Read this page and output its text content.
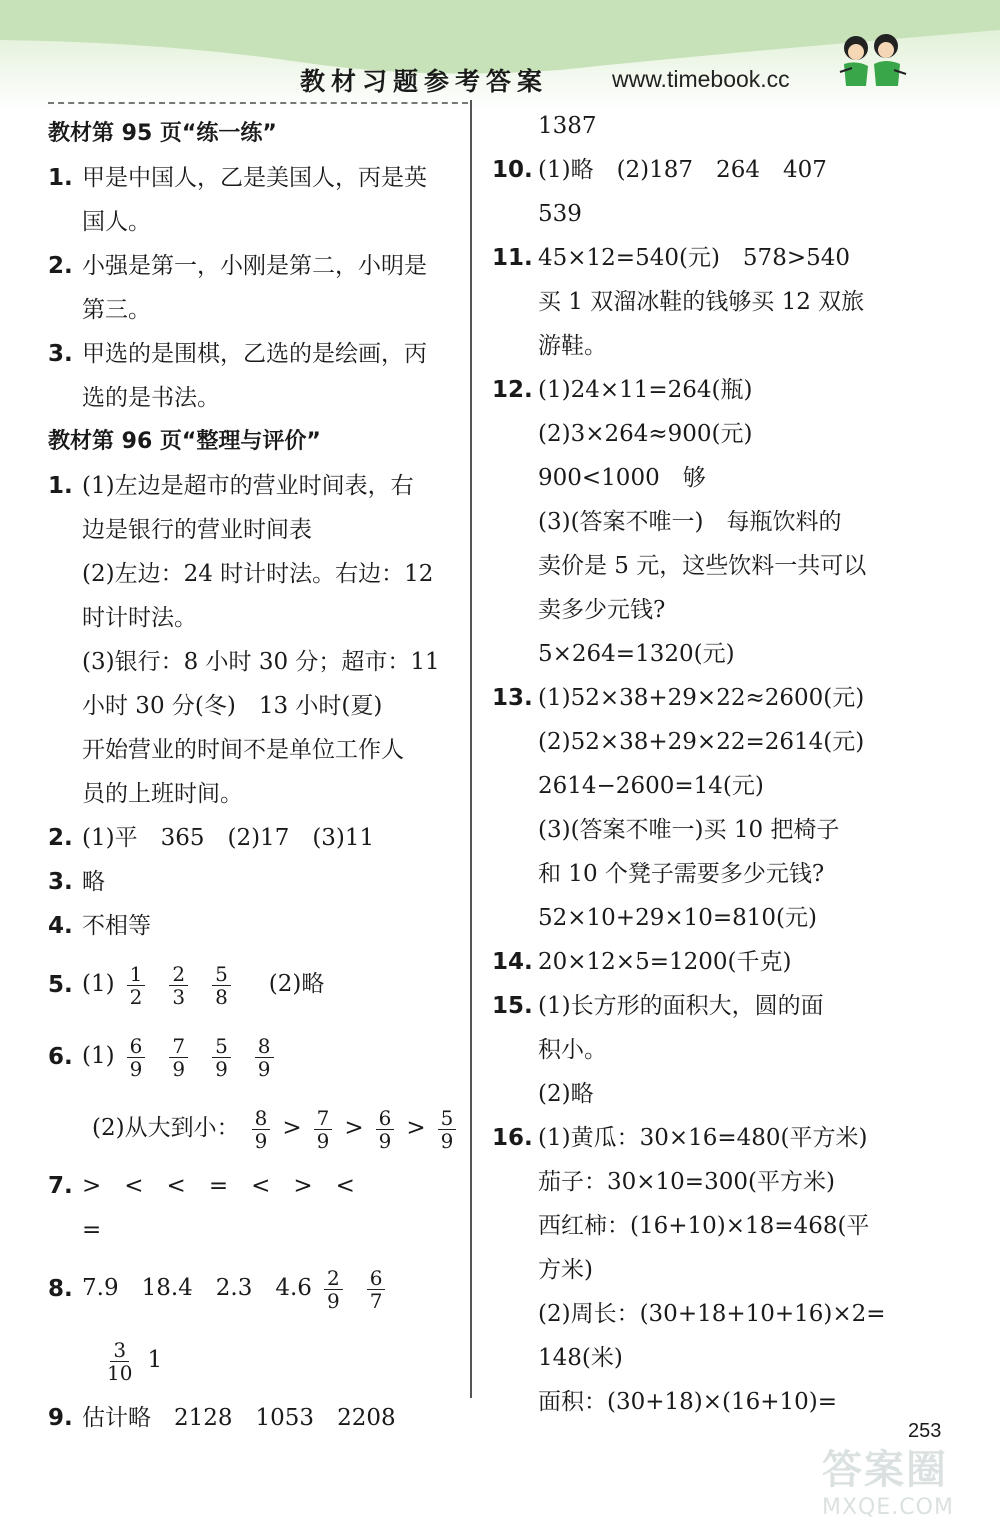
教材习题参考答案	www.timebook.cc
教材第 95 页“练一练”
1. 甲是中国人，乙是美国人，丙是英
国人。
2. 小强是第一，小刚是第二，小明是
第三。
3. 甲选的是围棋，乙选的是绘画，丙
选的是书法。
教材第 96 页“整理与评价”
1. (1)左边是超市的营业时间表，右
边是银行的营业时间表
(2)左边：24 时计时法。右边：12
时计时法。
(3)银行：8 小时 30 分；超市：11
小时 30 分(冬)　13 小时(夏)
开始营业的时间不是单位工作人
员的上班时间。
2. (1)平　365　(2)17　(3)11
3. 略
4. 不相等
5. $(1) \frac{1}{2} \frac{2}{3} \frac{5}{8} (2)$略
6. $(1) \frac{6}{9} \frac{7}{9} \frac{5}{9} \frac{8}{9}$
(2)从大到小： $\frac{8}{9} > \frac{7}{9} > \frac{6}{9} > \frac{5}{9}$
7. >　<　<　=　<　>　<
=
8. 7.9　18.4　2.3　$4.6 \frac{2}{9} \frac{6}{7}$
$\frac{3}{10} 1$
9. 估计略　2128　1053　2208
1387
10. (1)略　(2)187　264　407
539
11. 45×12=540(元)　578>540
买 1 双溜冰鞋的钱够买 12 双旅
游鞋。
12. (1)24×11=264(瓶)
(2)3×264≈900(元)
900<1000　够
(3)(答案不唯一)　每瓶饮料的
卖价是 5 元，这些饮料一共可以
卖多少元钱?
5×264=1320(元)
13. (1)52×38+29×22≈2600(元)
(2)52×38+29×22=2614(元)
2614−2600=14(元)
(3)(答案不唯一)买 10 把椅子
和 10 个凳子需要多少元钱?
52×10+29×10=810(元)
14. 20×12×5=1200(千克)
15. (1)长方形的面积大，圆的面
积小。
(2)略
16. (1)黄瓜：30×16=480(平方米)
茄子：30×10=300(平方米)
西红柿：(16+10)×18=468(平
方米)
(2)周长：(30+18+10+16)×2=
148(米)
面积：(30+18)×(16+10)=
253
答案圈
MXQE.COM
